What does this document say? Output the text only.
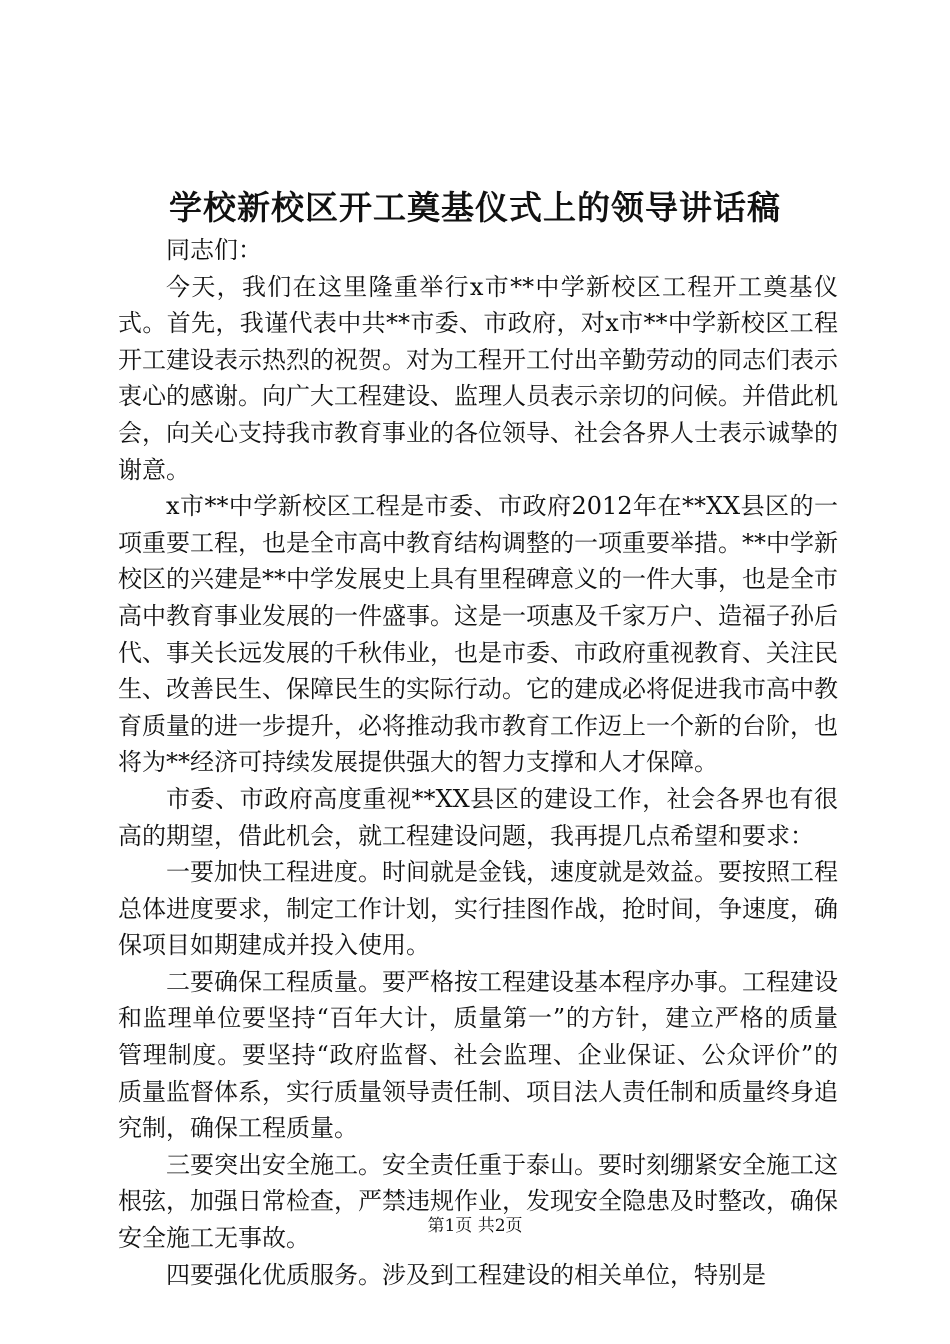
学校新校区开工奠基仪式上的领导讲话稿

同志们：

今天，我们在这里隆重举行x市**中学新校区工程开工奠基仪式。首先，我谨代表中共**市委、市政府，对x市**中学新校区工程开工建设表示热烈的祝贺。对为工程开工付出辛勤劳动的同志们表示衷心的感谢。向广大工程建设、监理人员表示亲切的问候。并借此机会，向关心支持我市教育事业的各位领导、社会各界人士表示诚挚的谢意。

x市**中学新校区工程是市委、市政府2012年在**XX县区的一项重要工程，也是全市高中教育结构调整的一项重要举措。**中学新校区的兴建是**中学发展史上具有里程碑意义的一件大事，也是全市高中教育事业发展的一件盛事。这是一项惠及千家万户、造福子孙后代、事关长远发展的千秋伟业，也是市委、市政府重视教育、关注民生、改善民生、保障民生的实际行动。它的建成必将促进我市高中教育质量的进一步提升，必将推动我市教育工作迈上一个新的台阶，也将为**经济可持续发展提供强大的智力支撑和人才保障。

市委、市政府高度重视**XX县区的建设工作，社会各界也有很高的期望，借此机会，就工程建设问题，我再提几点希望和要求：

一要加快工程进度。时间就是金钱，速度就是效益。要按照工程总体进度要求，制定工作计划，实行挂图作战，抢时间，争速度，确保项目如期建成并投入使用。

二要确保工程质量。要严格按工程建设基本程序办事。工程建设和监理单位要坚持“百年大计，质量第一”的方针，建立严格的质量管理制度。要坚持“政府监督、社会监理、企业保证、公众评价”的质量监督体系，实行质量领导责任制、项目法人责任制和质量终身追究制，确保工程质量。

三要突出安全施工。安全责任重于泰山。要时刻绷紧安全施工这根弦，加强日常检查，严禁违规作业，发现安全隐患及时整改，确保安全施工无事故。

四要强化优质服务。涉及到工程建设的相关单位，特别是

第1页 共2页
